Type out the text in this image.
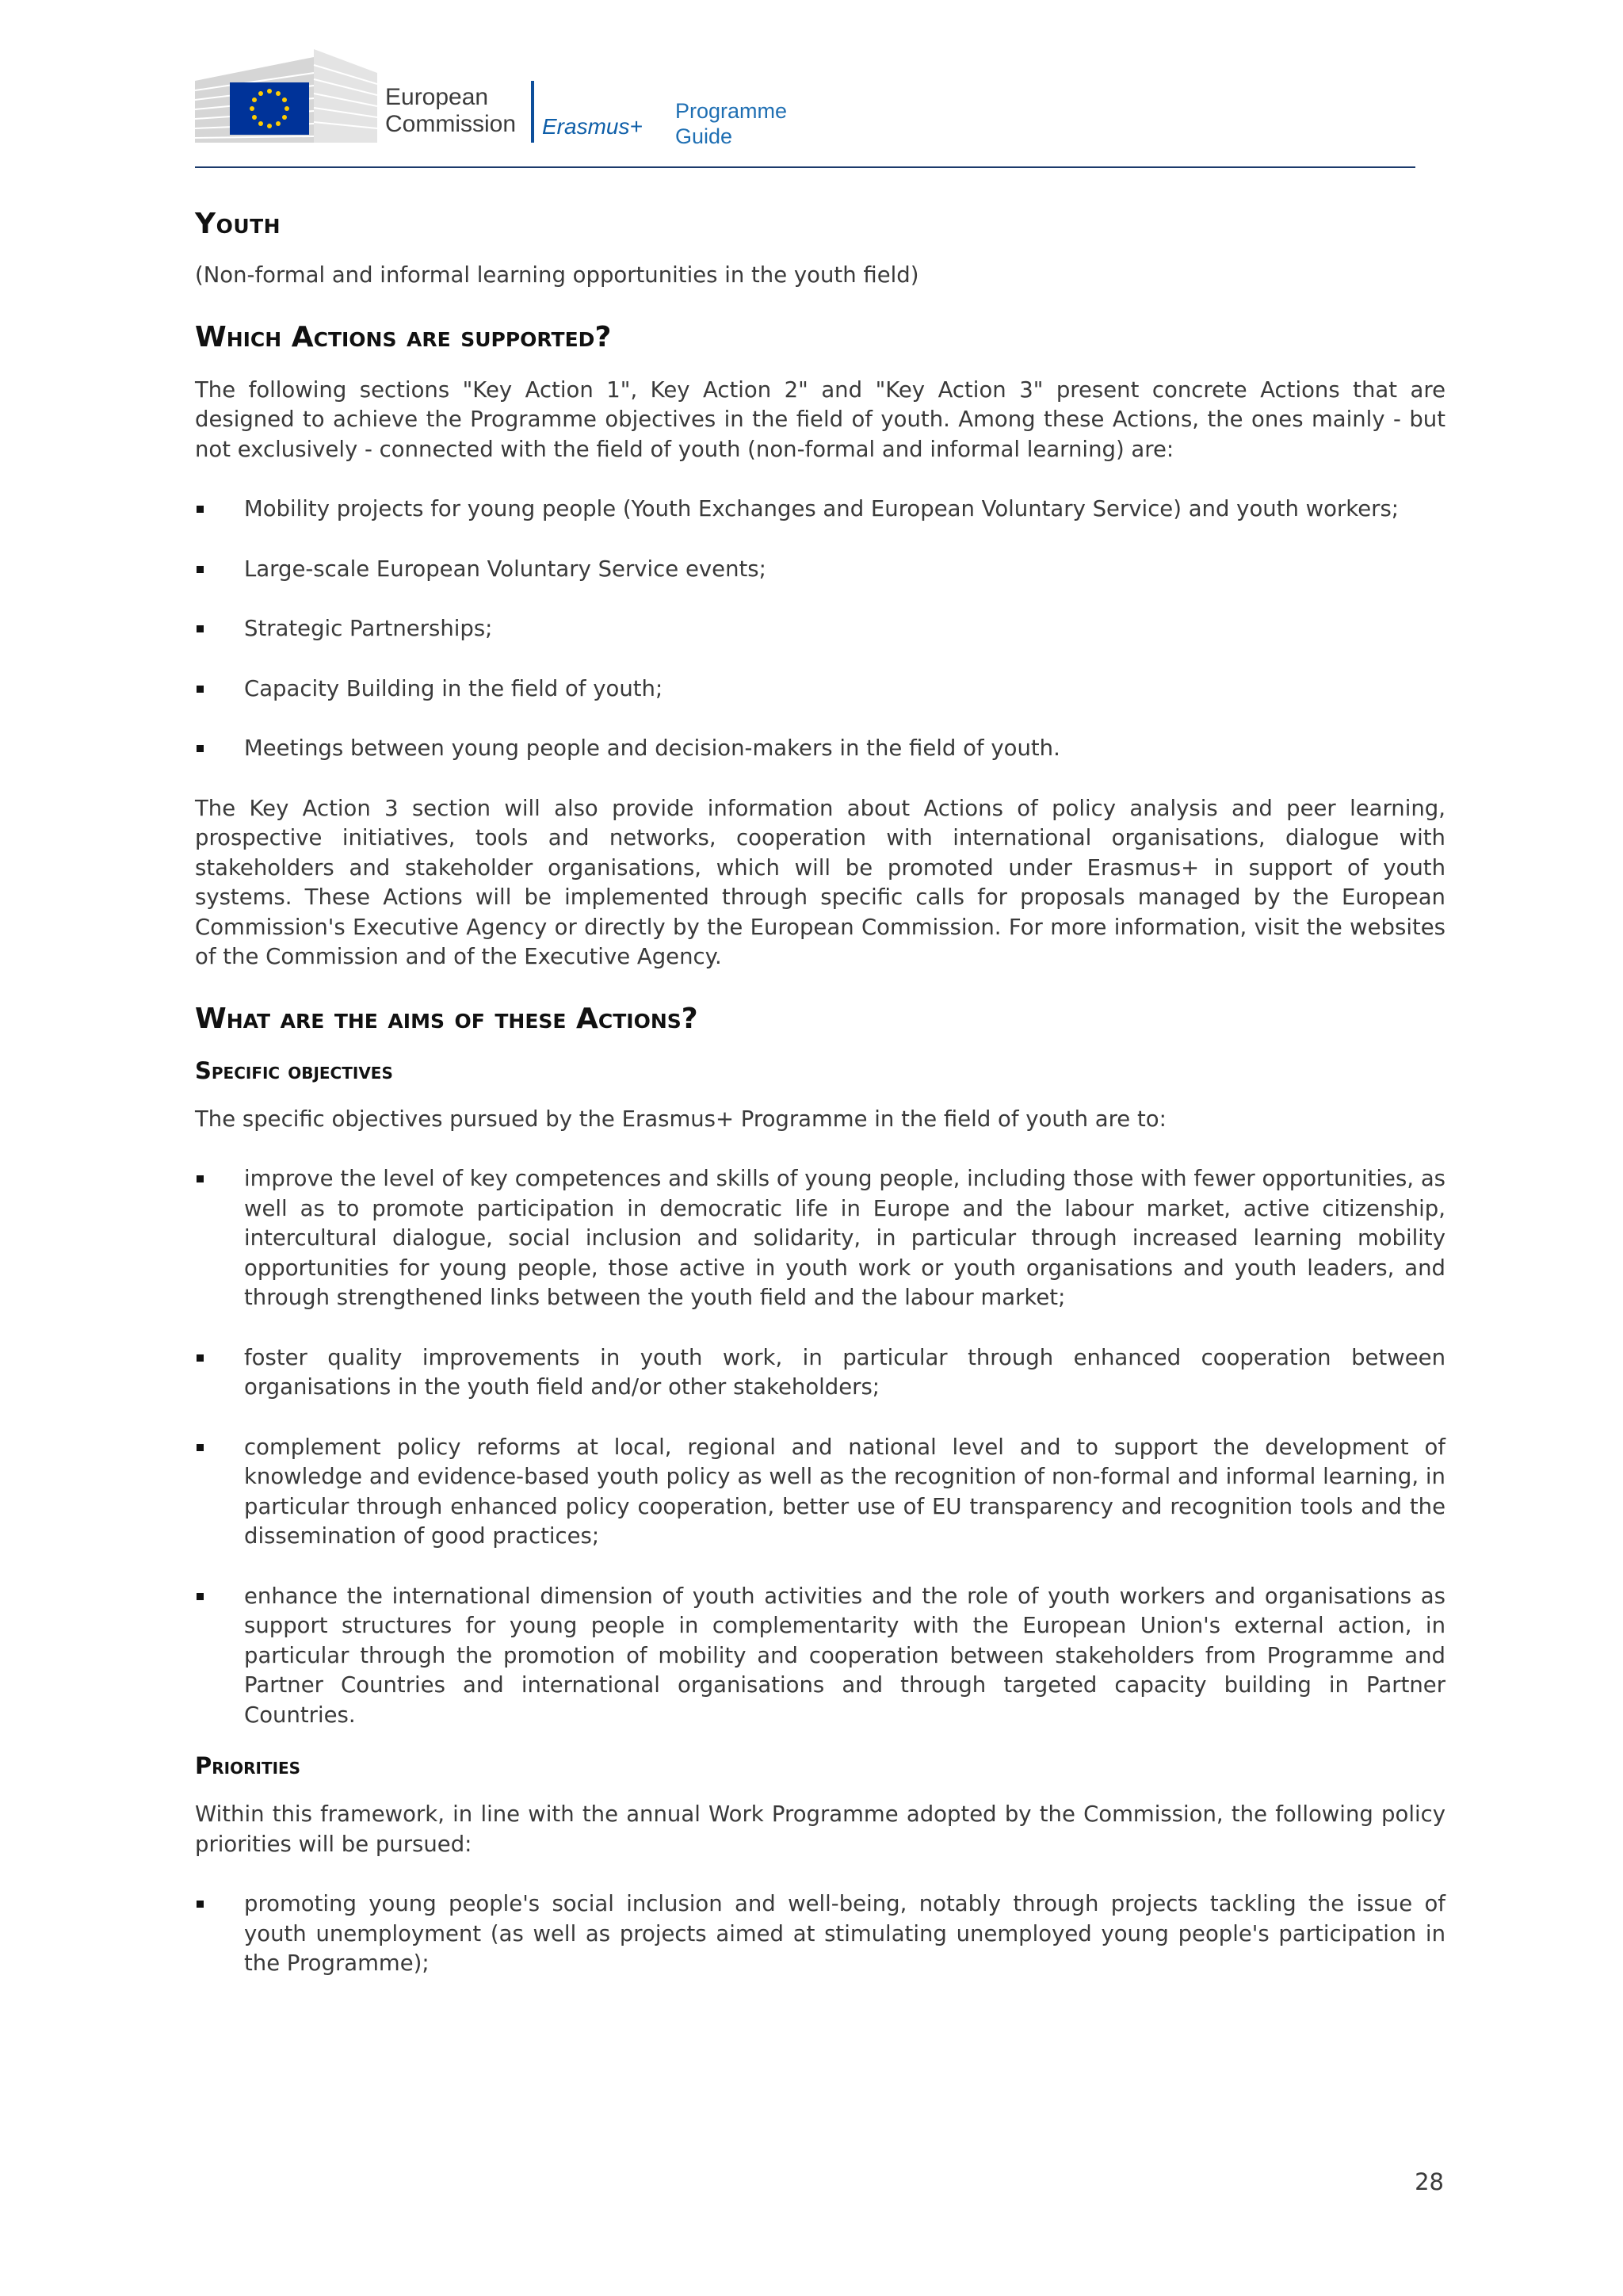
European
Commission Erasmus+
Programme
Guide
Youth

(Non-formal and informal learning opportunities in the youth field)

Which Actions are supported?

The following sections "Key Action 1", Key Action 2" and "Key Action 3" present concrete Actions that are designed to achieve the Programme objectives in the field of youth. Among these Actions, the ones mainly - but not exclusively - connected with the field of youth (non-formal and informal learning) are:

Mobility projects for young people (Youth Exchanges and European Voluntary Service) and youth workers;
Large-scale European Voluntary Service events;
Strategic Partnerships;
Capacity Building in the field of youth;
Meetings between young people and decision-makers in the field of youth.

The Key Action 3 section will also provide information about Actions of policy analysis and peer learning, prospective initiatives, tools and networks, cooperation with international organisations, dialogue with stakeholders and stakeholder organisations, which will be promoted under Erasmus+ in support of youth systems. These Actions will be implemented through specific calls for proposals managed by the European Commission's Executive Agency or directly by the European Commission. For more information, visit the websites of the Commission and of the Executive Agency.

What are the aims of these Actions?
Specific objectives

The specific objectives pursued by the Erasmus+ Programme in the field of youth are to:

improve the level of key competences and skills of young people, including those with fewer opportunities, as well as to promote participation in democratic life in Europe and the labour market, active citizenship, intercultural dialogue, social inclusion and solidarity, in particular through increased learning mobility opportunities for young people, those active in youth work or youth organisations and youth leaders, and through strengthened links between the youth field and the labour market;
foster quality improvements in youth work, in particular through enhanced cooperation between organisations in the youth field and/or other stakeholders;
complement policy reforms at local, regional and national level and to support the development of knowledge and evidence-based youth policy as well as the recognition of non-formal and informal learning, in particular through enhanced policy cooperation, better use of EU transparency and recognition tools and the dissemination of good practices;
enhance the international dimension of youth activities and the role of youth workers and organisations as support structures for young people in complementarity with the European Union's external action, in particular through the promotion of mobility and cooperation between stakeholders from Programme and Partner Countries and international organisations and through targeted capacity building in Partner Countries.
Priorities

Within this framework, in line with the annual Work Programme adopted by the Commission, the following policy priorities will be pursued:

promoting young people's social inclusion and well-being, notably through projects tackling the issue of youth unemployment (as well as projects aimed at stimulating unemployed young people's participation in the Programme);
28
